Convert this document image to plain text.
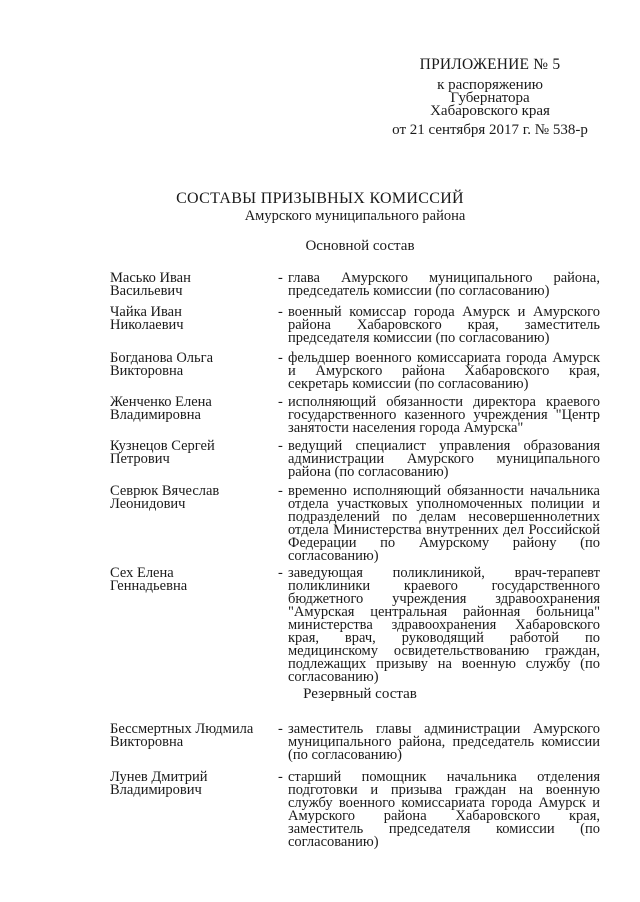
ПРИЛОЖЕНИЕ № 5
к распоряжению
Губернатора
Хабаровского края
от 21 сентября 2017 г. № 538-р
СОСТАВЫ ПРИЗЫВНЫХ КОМИССИЙ
Амурского муниципального района
Основной состав
Масько Иван
Васильевич
- глава Амурского муниципального района, председатель комиссии (по согласованию)
Чайка Иван
Николаевич
- военный комиссар города Амурск и Амурского района Хабаровского края, заместитель председателя комиссии (по согласованию)
Богданова Ольга
Викторовна
- фельдшер военного комиссариата города Амурск и Амурского района Хабаровского края, секретарь комиссии (по согласованию)
Женченко Елена
Владимировна
- исполняющий обязанности директора краевого государственного казенного учреждения "Центр занятости населения города Амурска"
Кузнецов Сергей
Петрович
- ведущий специалист управления образования администрации Амурского муниципального района (по согласованию)
Севрюк Вячеслав
Леонидович
- временно исполняющий обязанности начальника отдела участковых уполномоченных полиции и подразделений по делам несовершеннолетних отдела Министерства внутренних дел Российской Федерации по Амурскому району (по согласованию)
Сех Елена
Геннадьевна
- заведующая поликлиникой, врач-терапевт поликлиники краевого государственного бюджетного учреждения здравоохранения "Амурская центральная районная больница" министерства здравоохранения Хабаровского края, врач, руководящий работой по медицинскому освидетельствованию граждан, подлежащих призыву на военную службу (по согласованию)
Резервный состав
Бессмертных Людмила
Викторовна
- заместитель главы администрации Амурского муниципального района, председатель комиссии (по согласованию)
Лунев Дмитрий
Владимирович
- старший помощник начальника отделения подготовки и призыва граждан на военную службу военного комиссариата города Амурск и Амурского района Хабаровского края, заместитель председателя комиссии (по согласованию)
